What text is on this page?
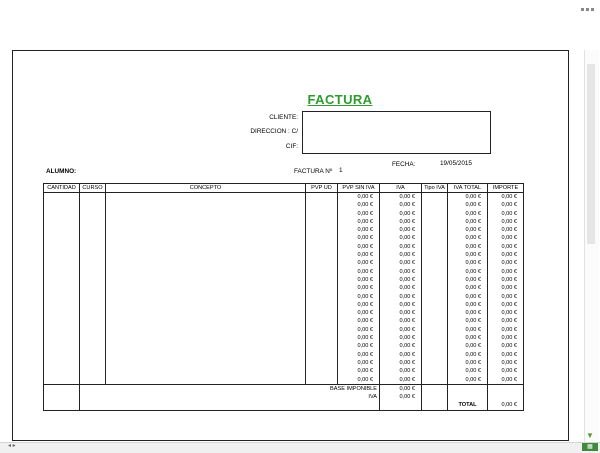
FACTURA
CLIENTE:
DIRECCION : C/
CIF:
FECHA:	19/05/2015
ALUMNO:	FACTURA Nº 1
CANTIDAD	CURSO	CONCEPTO	PVP UD	PVP SIN IVA	IVA	Tipo IVA	IVA TOTAL	IMPORTE
				0,00 €	0,00 €		0,00 €	0,00 €
				0,00 €	0,00 €		0,00 €	0,00 €
				0,00 €	0,00 €		0,00 €	0,00 €
				0,00 €	0,00 €		0,00 €	0,00 €
				0,00 €	0,00 €		0,00 €	0,00 €
				0,00 €	0,00 €		0,00 €	0,00 €
				0,00 €	0,00 €		0,00 €	0,00 €
				0,00 €	0,00 €		0,00 €	0,00 €
				0,00 €	0,00 €		0,00 €	0,00 €
				0,00 €	0,00 €		0,00 €	0,00 €
				0,00 €	0,00 €		0,00 €	0,00 €
				0,00 €	0,00 €		0,00 €	0,00 €
				0,00 €	0,00 €		0,00 €	0,00 €
				0,00 €	0,00 €		0,00 €	0,00 €
				0,00 €	0,00 €		0,00 €	0,00 €
				0,00 €	0,00 €		0,00 €	0,00 €
				0,00 €	0,00 €		0,00 €	0,00 €
				0,00 €	0,00 €		0,00 €	0,00 €
				0,00 €	0,00 €		0,00 €	0,00 €
				0,00 €	0,00 €		0,00 €	0,00 €
				0,00 €	0,00 €		0,00 €	0,00 €
				0,00 €	0,00 €		0,00 €	0,00 €
				0,00 €	0,00 €		0,00 €	0,00 €
			BASE IMPONIBLE		0,00 €			
			IVA		0,00 €			
							TOTAL	0,00 €
▼
◂ ▸	▦
